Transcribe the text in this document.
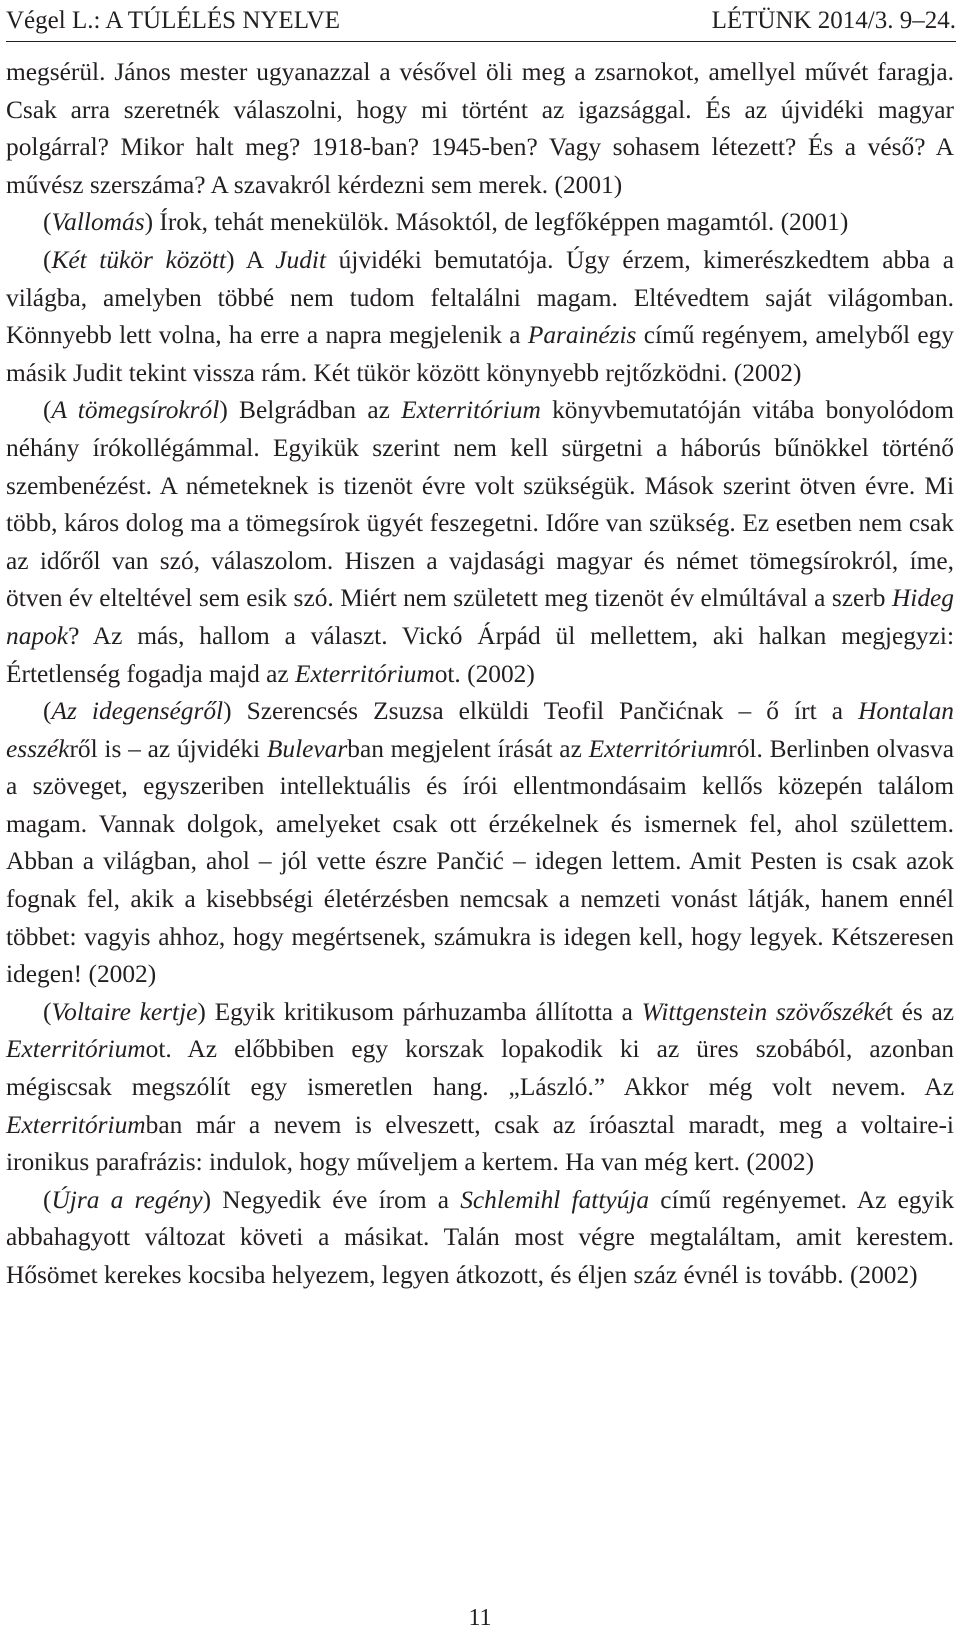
Végel L.: A TÚLÉLÉS NYELVE	LÉTÜNK 2014/3. 9–24.

megsérül. János mester ugyanazzal a vésővel öli meg a zsarnokot, amellyel művét faragja. Csak arra szeretnék válaszolni, hogy mi történt az igazsággal. És az újvidéki magyar polgárral? Mikor halt meg? 1918-ban? 1945-ben? Vagy sohasem létezett? És a véső? A művész szerszáma? A szavakról kérdezni sem merek. (2001)

(Vallomás) Írok, tehát menekülök. Másoktól, de legfőképpen magamtól. (2001)

(Két tükör között) A Judit újvidéki bemutatója. Úgy érzem, kimerészkedtem abba a világba, amelyben többé nem tudom feltalálni magam. Eltévedtem saját világomban. Könnyebb lett volna, ha erre a napra megjelenik a Parainézis című regényem, amelyből egy másik Judit tekint vissza rám. Két tükör között könynyebb rejtőzködni. (2002)

(A tömegsírokról) Belgrádban az Exterritórium könyvbemutatóján vitába bonyolódom néhány írókollégámmal. Egyikük szerint nem kell sürgetni a háborús bűnökkel történő szembenézést. A németeknek is tizenöt évre volt szükségük. Mások szerint ötven évre. Mi több, káros dolog ma a tömegsírok ügyét feszegetni. Időre van szükség. Ez esetben nem csak az időről van szó, válaszolom. Hiszen a vajdasági magyar és német tömegsírokról, íme, ötven év elteltével sem esik szó. Miért nem született meg tizenöt év elmúltával a szerb Hideg napok? Az más, hallom a választ. Vickó Árpád ül mellettem, aki halkan megjegyzi: Értetlenség fogadja majd az Exterritóriumot. (2002)

(Az idegenségről) Szerencsés Zsuzsa elküldi Teofil Pančićnak – ő írt a Hontalan esszékről is – az újvidéki Bulevarban megjelent írását az Exterritóriumról. Berlinben olvasva a szöveget, egyszeriben intellektuális és írói ellentmondásaim kellős közepén találom magam. Vannak dolgok, amelyeket csak ott érzékelnek és ismernek fel, ahol születtem. Abban a világban, ahol – jól vette észre Pančić – idegen lettem. Amit Pesten is csak azok fognak fel, akik a kisebbségi életérzésben nemcsak a nemzeti vonást látják, hanem ennél többet: vagyis ahhoz, hogy megértsenek, számukra is idegen kell, hogy legyek. Kétszeresen idegen! (2002)

(Voltaire kertje) Egyik kritikusom párhuzamba állította a Wittgenstein szövőszékét és az Exterritóriumot. Az előbbiben egy korszak lopakodik ki az üres szobából, azonban mégiscsak megszólít egy ismeretlen hang. „László.” Akkor még volt nevem. Az Exterritóriumban már a nevem is elveszett, csak az íróasztal maradt, meg a voltaire-i ironikus parafrázis: indulok, hogy műveljem a kertem. Ha van még kert. (2002)

(Újra a regény) Negyedik éve írom a Schlemihl fattyúja című regényemet. Az egyik abbahagyott változat követi a másikat. Talán most végre megtaláltam, amit kerestem. Hősömet kerekes kocsiba helyezem, legyen átkozott, és éljen száz évnél is tovább. (2002)

11
